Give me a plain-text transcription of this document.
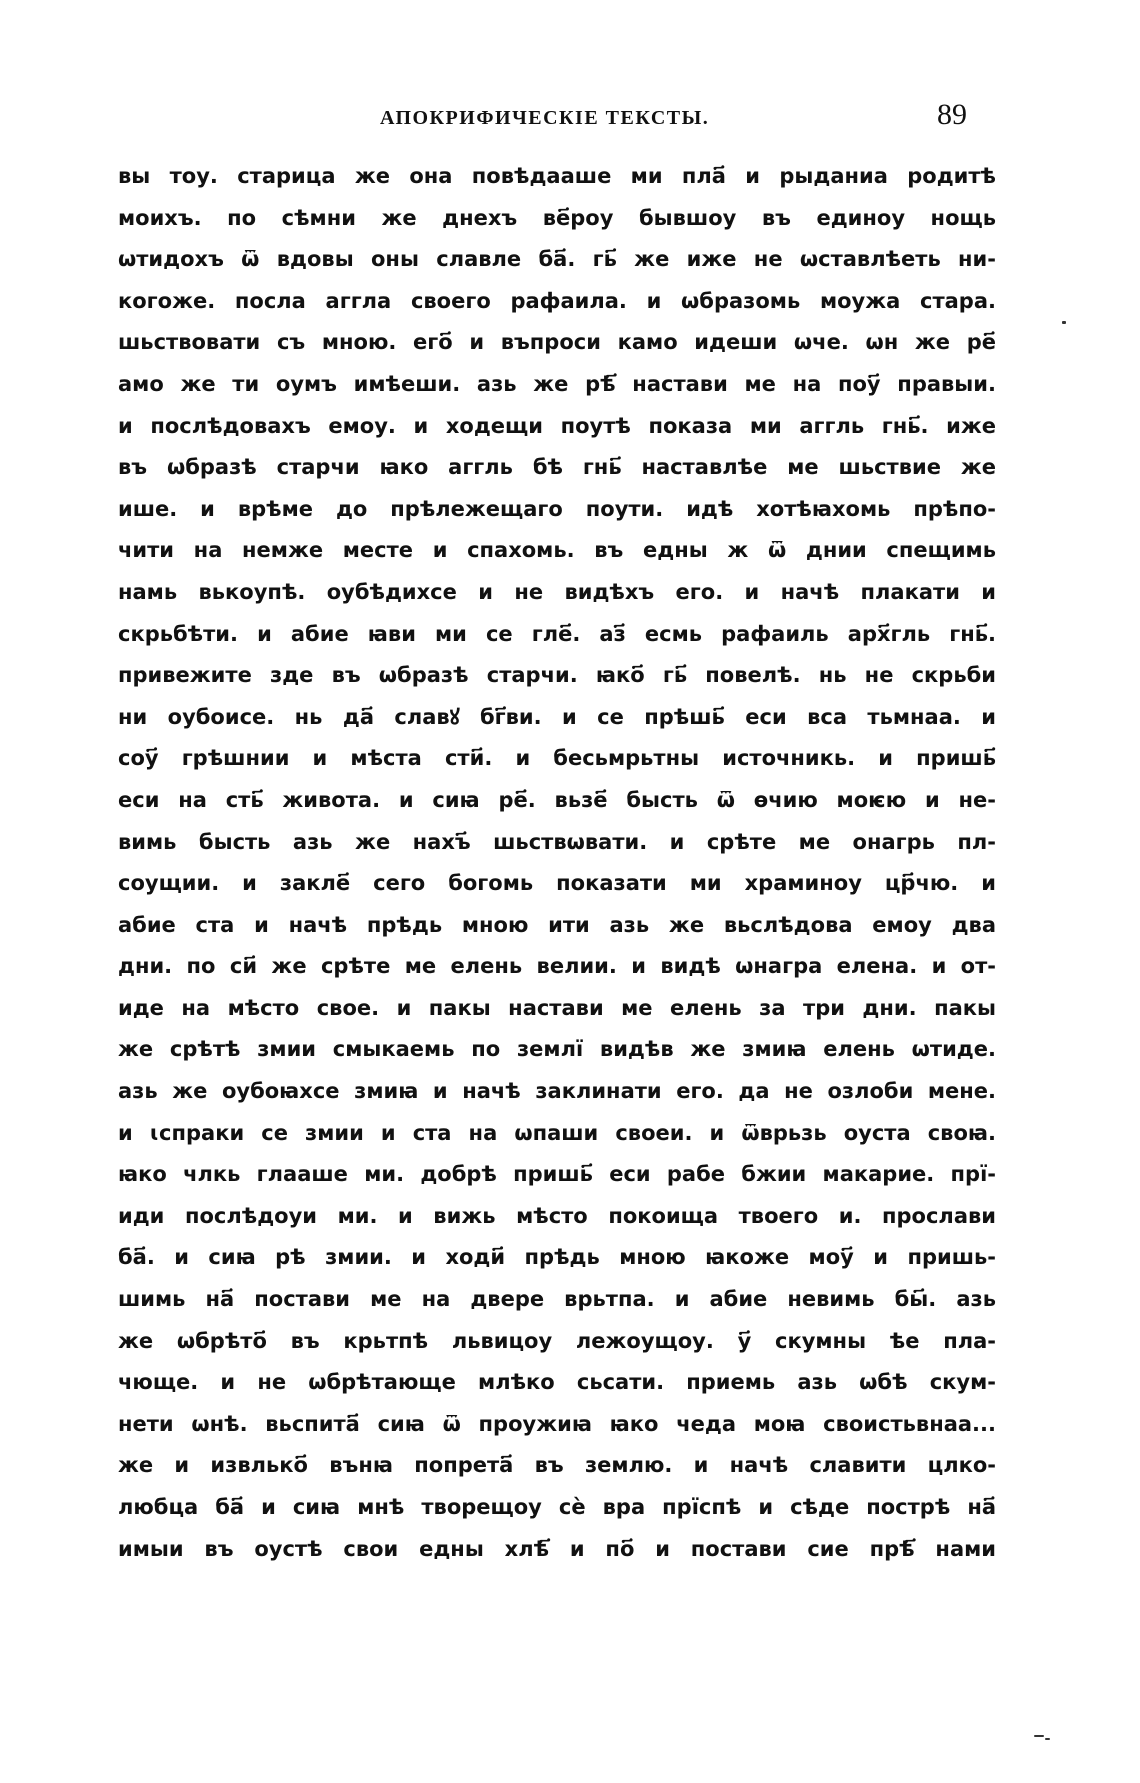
АПОКРИФИЧЕСКІЕ ТЕКСТЫ.	89
вы тоу. старица же она повѣдааше ми пла҃ и рыданиа родитѣ
моихъ. по сѣмни же днехъ ве҃роу бывшоу въ единоу нощь
ѡтидохъ ѿ вдовы оны славле ба҃. гь҃ же иже не ѡставлѣеть ни-
когоже. посла аггла своего рафаила. и ѡбразомь моужа стара.
шьствовати съ мною. его҃ и въпроси камо идеши ѡче. ѡн же ре҃
амо же ти оумъ имѣеши. азь же рѣ҃ настави ме на поу҃ правыи.
и послѣдовахъ емоу. и ходещи поутѣ показа ми аггль гнь҃. иже
въ ѡбразѣ старчи ꙗко аггль бѣ гнь҃ наставлѣе ме шьствие же
ише. и врѣме до прѣлежещаго поути. идѣ хотѣꙗхомь прѣпо-
чити на немже месте и спахомь. въ едны ж ѿ днии спещимь
намь вькоупѣ. оубѣдихсе и не видѣхъ его. и начѣ плакати и
скрьбѣти. и абие ꙗви ми се гле҃. аз҃ есмь рафаиль арх҃гль гнь҃.
привежите зде въ ѡбразѣ старчи. ꙗко҃ гь҃ повелѣ. нь не скрьби
ни оубоисе. нь да҃ славꙋ бг҃ви. и се прѣшь҃ еси вса тьмнаа. и
соу҃ грѣшнии и мѣста сти҃. и бесьмрьтны источникь. и пришь҃
еси на сть҃ живота. и сиꙗ ре҃. вьзе҃ бысть ѿ ѳчию моѥю и не-
вимь бысть азь же нахъ҃ шьствѡвати. и срѣте ме онагрь пл-
соущии. и закле҃ сего богомь показати ми храминоу цр҃чю. и
абие ста и начѣ прѣдь мною ити азь же вьслѣдова емоу два
дни. по си҃ же срѣте ме елень велии. и видѣ ѡнагра елена. и от-
иде на мѣсто свое. и пакы настави ме елень за три дни. пакы
же срѣтѣ змии смыкаемь по землї видѣв же змиꙗ елень ѡтиде.
азь же оубоꙗхсе змиꙗ и начѣ заклинати его. да не озлоби мене.
и ꙇспраки се змии и ста на ѡпаши своеи. и ѿврьзь оуста своꙗ.
ꙗко члкь глааше ми. добрѣ пришь҃ еси рабе бжии макарие. прї-
иди послѣдоуи ми. и вижь мѣсто покоища твоего и. прослави
ба҃. и сиꙗ рѣ змии. и ходи҃ прѣдь мною ꙗкоже моу҃ и пришь-
шимь на҃ постави ме на двере врьтпа. и абие невимь бы҃. азь
же ѡбрѣто҃ въ крьтпѣ львицоу лежоущоу. у҃ скумны ѣе пла-
чюще. и не ѡбрѣтающе млѣко сьсати. приемь азь ѡбѣ скум-
нети ѡнѣ. вьспита҃ сиꙗ ѿ проужиꙗ ꙗко чеда моꙗ своистьвнаа...
же и извлько҃ вънꙗ попрета҃ въ землю. и начѣ славити цлко-
любца ба҃ и сиꙗ мнѣ творещоу сѐ вра прїспѣ и сѣде пострѣ на҃
имыи въ оустѣ свои едны хлѣ҃ и по҃ и постави сие прѣ҃ нами
